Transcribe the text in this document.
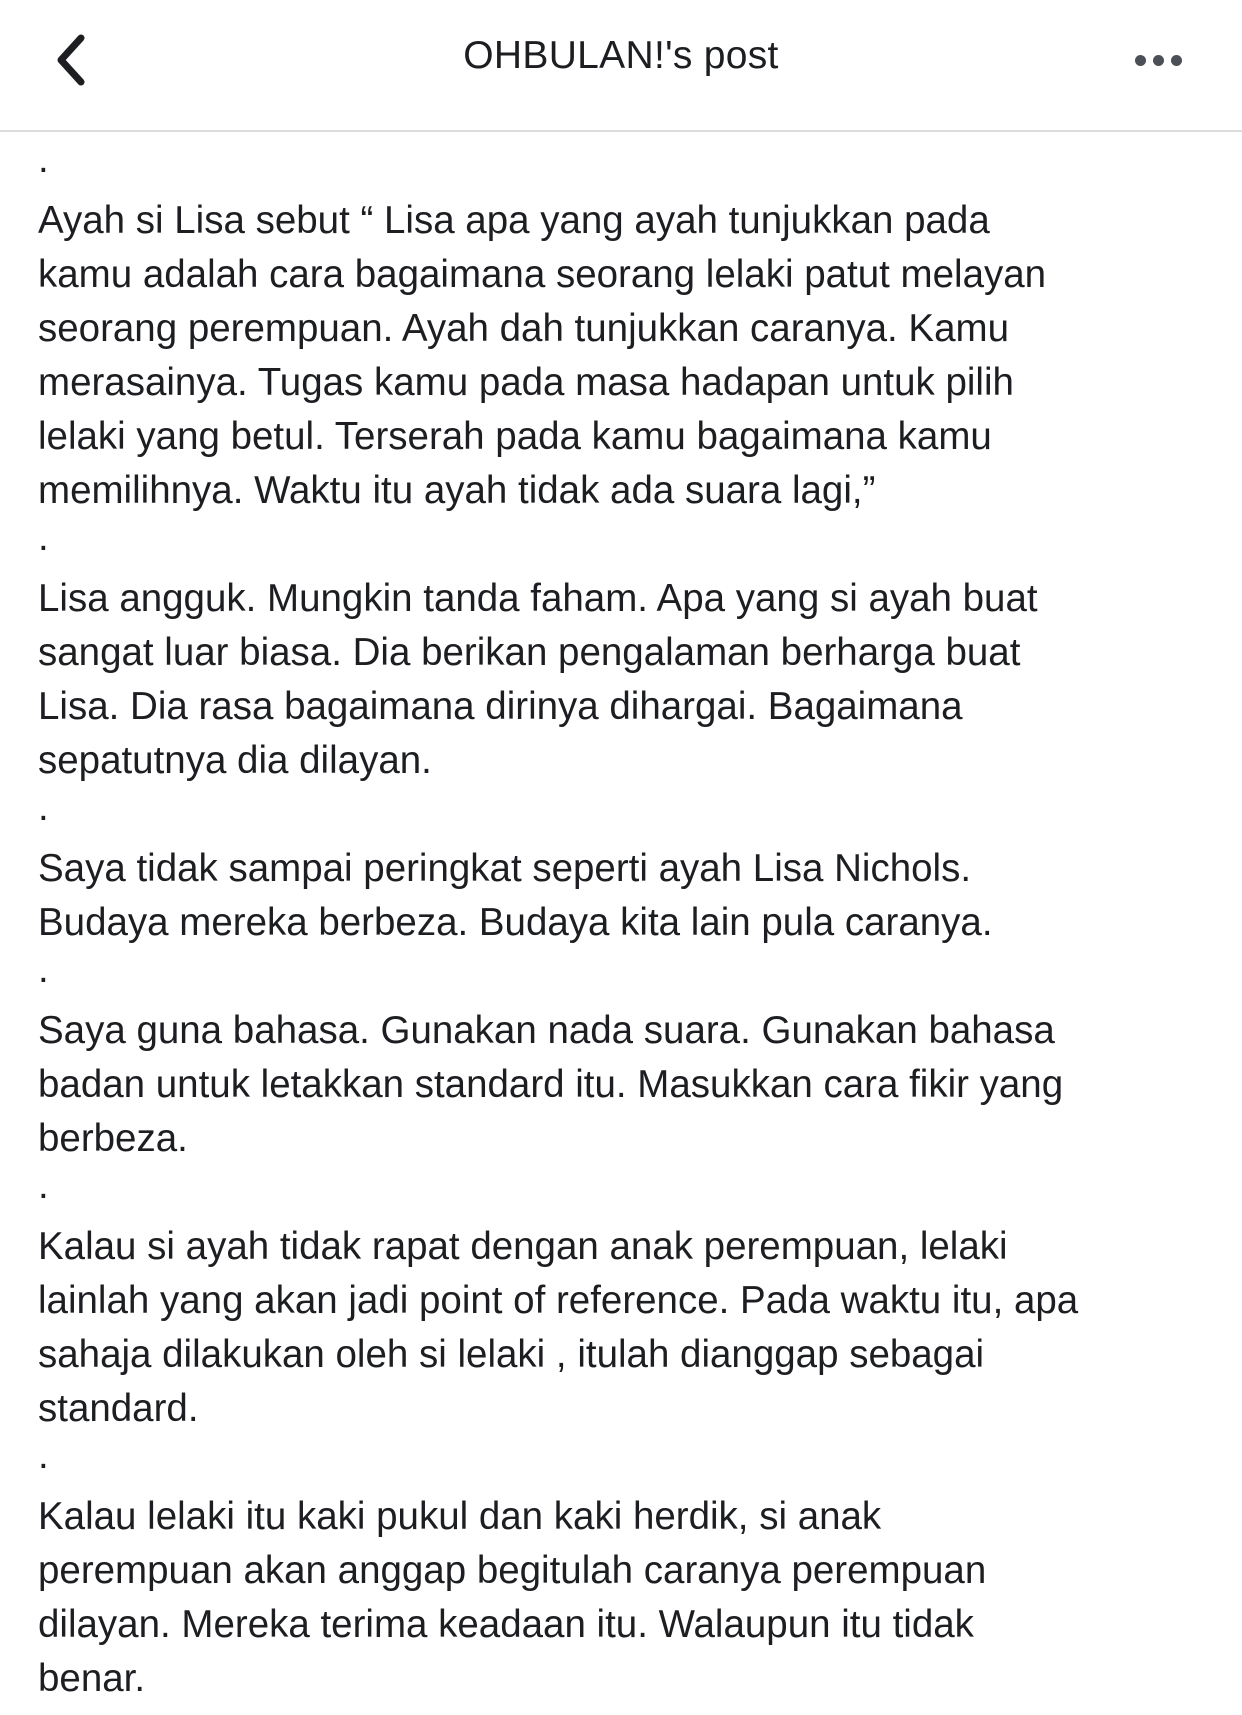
OHBULAN!'s post

.

Ayah si Lisa sebut “ Lisa apa yang ayah tunjukkan pada

kamu adalah cara bagaimana seorang lelaki patut melayan

seorang perempuan. Ayah dah tunjukkan caranya. Kamu

merasainya. Tugas kamu pada masa hadapan untuk pilih

lelaki yang betul. Terserah pada kamu bagaimana kamu

memilihnya. Waktu itu ayah tidak ada suara lagi,”

.

Lisa angguk. Mungkin tanda faham. Apa yang si ayah buat

sangat luar biasa. Dia berikan pengalaman berharga buat

Lisa. Dia rasa bagaimana dirinya dihargai. Bagaimana

sepatutnya dia dilayan.

.

Saya tidak sampai peringkat seperti ayah Lisa Nichols.

Budaya mereka berbeza. Budaya kita lain pula caranya.

.

Saya guna bahasa. Gunakan nada suara. Gunakan bahasa

badan untuk letakkan standard itu. Masukkan cara fikir yang

berbeza.

.

Kalau si ayah tidak rapat dengan anak perempuan, lelaki

lainlah yang akan jadi point of reference. Pada waktu itu, apa

sahaja dilakukan oleh si lelaki , itulah dianggap sebagai

standard.

.

Kalau lelaki itu kaki pukul dan kaki herdik, si anak

perempuan akan anggap begitulah caranya perempuan

dilayan. Mereka terima keadaan itu. Walaupun itu tidak

benar.
